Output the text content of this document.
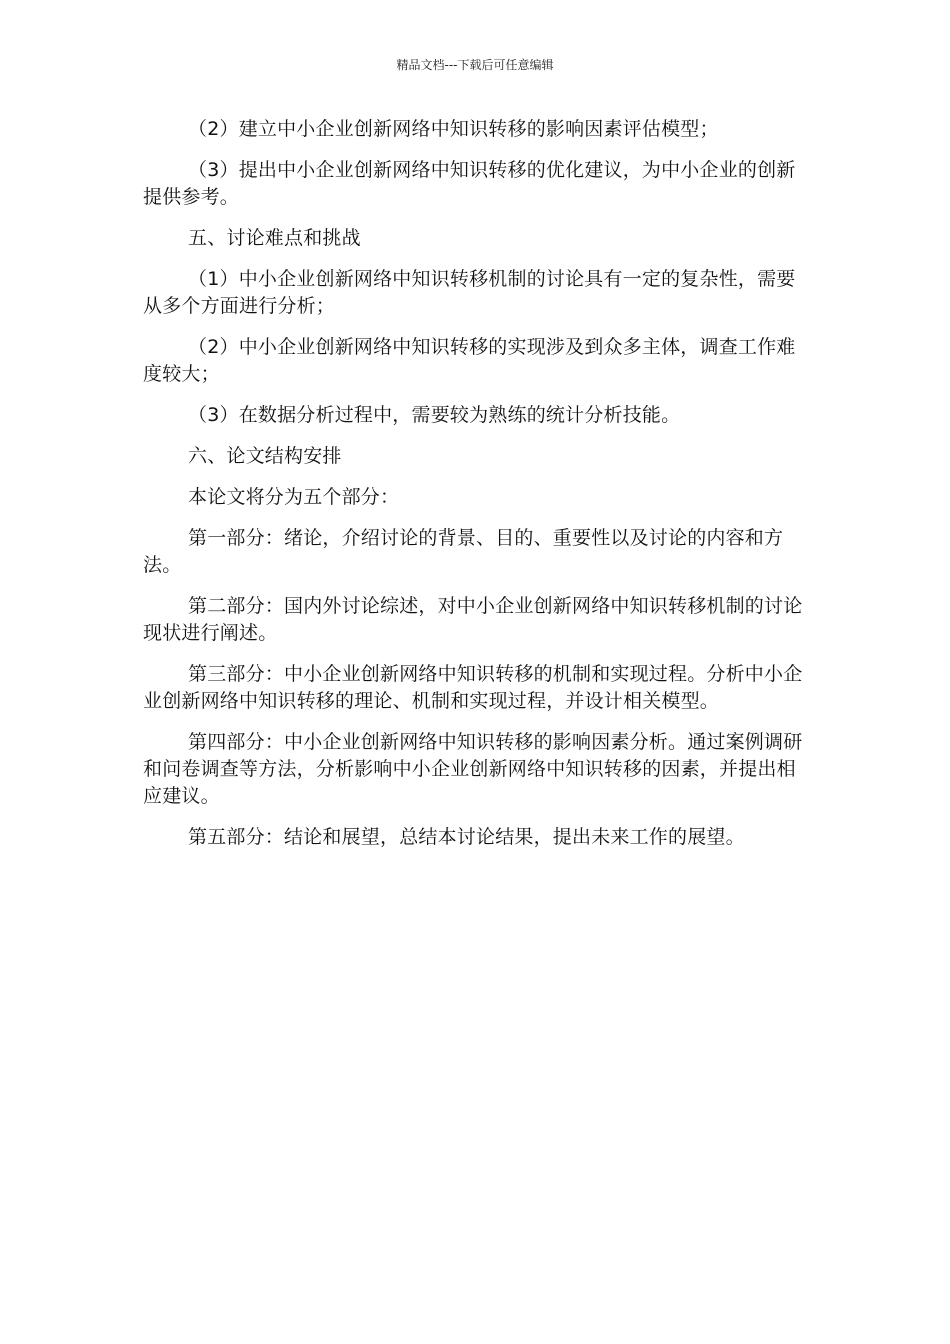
精品文档---下载后可任意编辑

（2）建立中小企业创新网络中知识转移的影响因素评估模型；

（3）提出中小企业创新网络中知识转移的优化建议，为中小企业的创新提供参考。

五、讨论难点和挑战

（1）中小企业创新网络中知识转移机制的讨论具有一定的复杂性，需要从多个方面进行分析；

（2）中小企业创新网络中知识转移的实现涉及到众多主体，调查工作难度较大；

（3）在数据分析过程中，需要较为熟练的统计分析技能。

六、论文结构安排

本论文将分为五个部分：

第一部分：绪论，介绍讨论的背景、目的、重要性以及讨论的内容和方法。

第二部分：国内外讨论综述，对中小企业创新网络中知识转移机制的讨论现状进行阐述。

第三部分：中小企业创新网络中知识转移的机制和实现过程。分析中小企业创新网络中知识转移的理论、机制和实现过程，并设计相关模型。

第四部分：中小企业创新网络中知识转移的影响因素分析。通过案例调研和问卷调查等方法，分析影响中小企业创新网络中知识转移的因素，并提出相应建议。

第五部分：结论和展望，总结本讨论结果，提出未来工作的展望。
